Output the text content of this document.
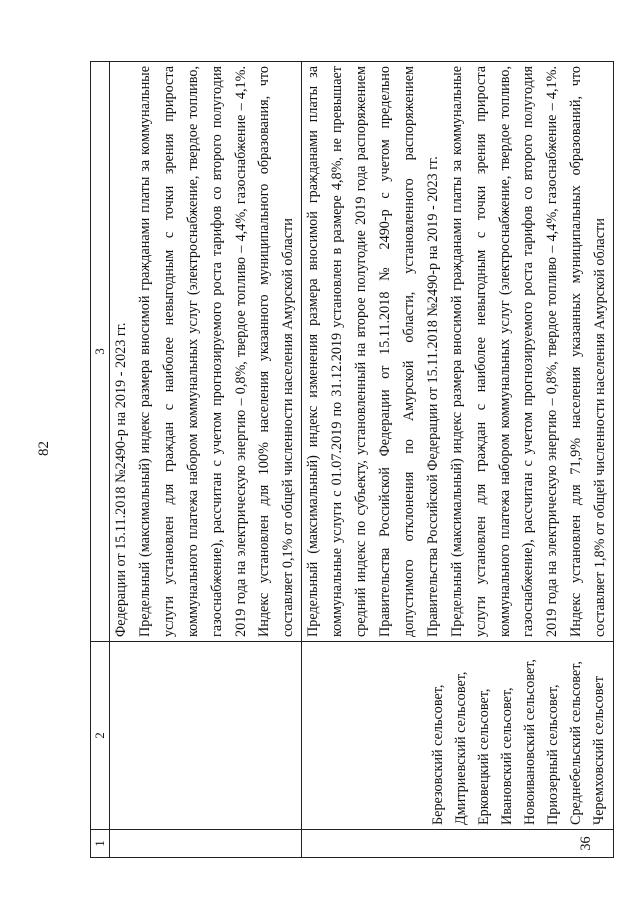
82
1	2	3

		Федерации от 15.11.2018 №2490-р на 2019 - 2023 гг.
Предельный (максимальный) индекс размера вносимой гражданами платы за коммунальные услуги установлен для граждан с наиболее невыгодным с точки зрения прироста коммунального платежа набором коммунальных услуг (электроснабжение, твердое топливо, газоснабжение), рассчитан с учетом прогнозируемого роста тарифов со второго полугодия 2019 года на электрическую энергию – 0,8%, твердое топливо – 4,4%, газоснабжение – 4,1%. Индекс установлен для 100% населения указанного муниципального образования, что составляет 0,1% от общей численности населения Амурской области

36	Березовский сельсовет, Дмитриевский сельсовет, Ерковецкий сельсовет, Ивановский сельсовет, Новоивановский сельсовет, Приозерный сельсовет, Среднебельский сельсовет, Черемховский сельсовет	Предельный (максимальный) индекс изменения размера вносимой гражданами платы за коммунальные услуги с 01.07.2019 по 31.12.2019 установлен в размере 4,8%, не превышает средний индекс по субъекту, установленный на второе полугодие 2019 года распоряжением Правительства Российской Федерации от 15.11.2018 № 2490-р с учетом предельно допустимого отклонения по Амурской области, установленного распоряжением Правительства Российской Федерации от 15.11.2018 №2490-р на 2019 - 2023 гг. Предельный (максимальный) индекс размера вносимой гражданами платы за коммунальные услуги установлен для граждан с наиболее невыгодным с точки зрения прироста коммунального платежа набором коммунальных услуг (электроснабжение, твердое топливо, газоснабжение), рассчитан с учетом прогнозируемого роста тарифов со второго полугодия 2019 года на электрическую энергию – 0,8%, твердое топливо – 4,4%, газоснабжение – 4,1%. Индекс установлен для 71,9% населения указанных муниципальных образований, что составляет 1,8% от общей численности населения Амурской области
